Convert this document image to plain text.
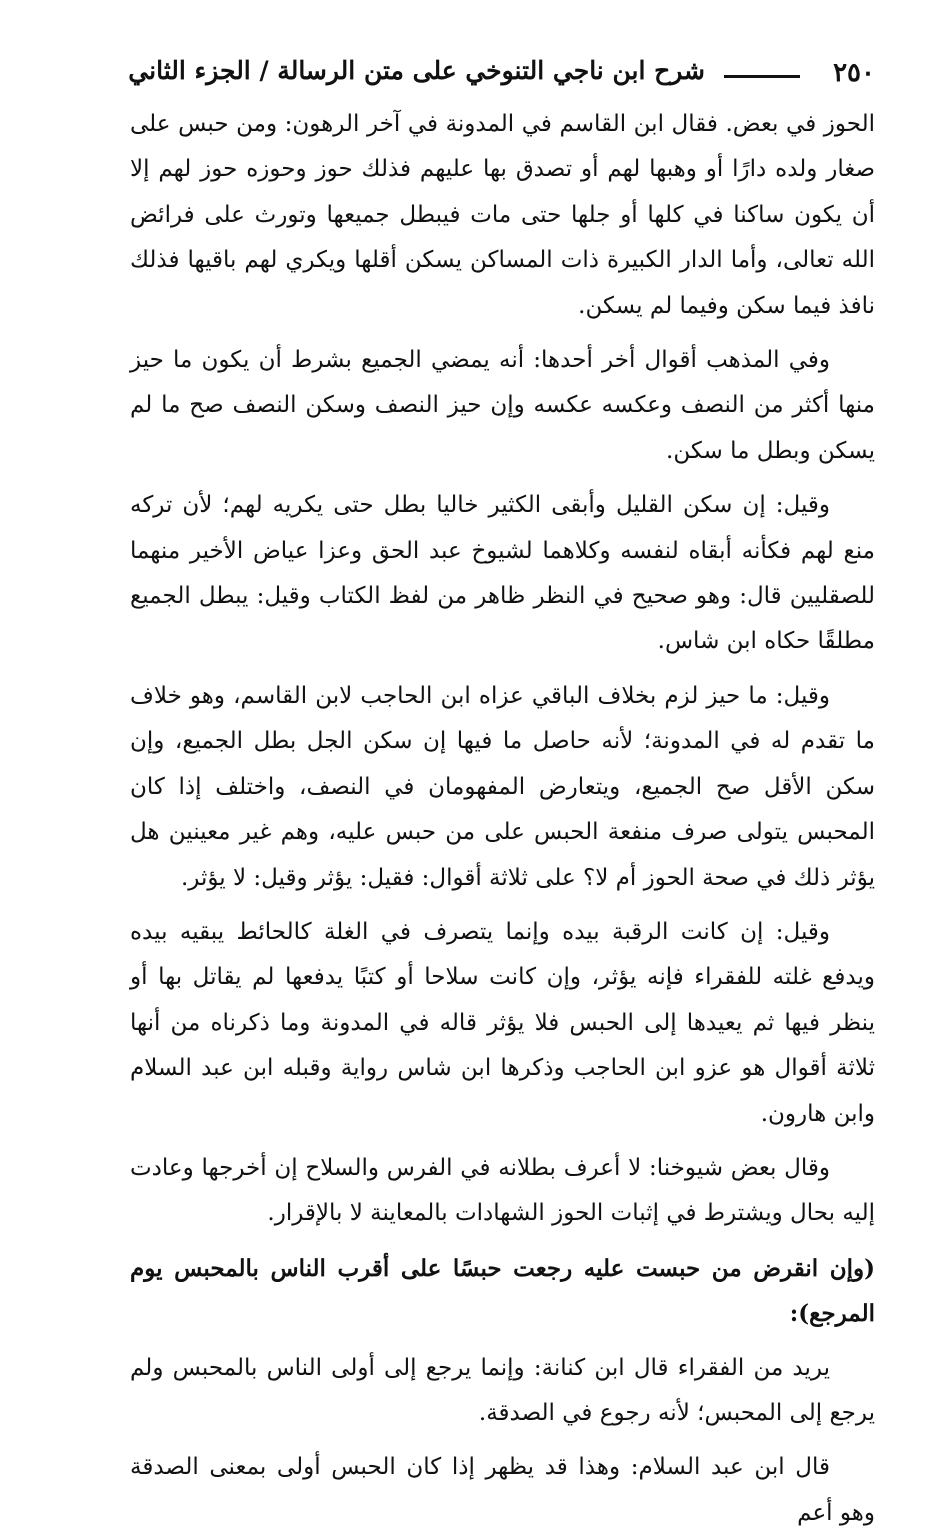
٢٥٠
شرح ابن ناجي التنوخي على متن الرسالة / الجزء الثاني

الحوز في بعض. فقال ابن القاسم في المدونة في آخر الرهون: ومن حبس على صغار ولده دارًا أو وهبها لهم أو تصدق بها عليهم فذلك حوز وحوزه حوز لهم إلا أن يكون ساكنا في كلها أو جلها حتى مات فيبطل جميعها وتورث على فرائض الله تعالى، وأما الدار الكبيرة ذات المساكن يسكن أقلها ويكري لهم باقيها فذلك نافذ فيما سكن وفيما لم يسكن.

وفي المذهب أقوال أخر أحدها: أنه يمضي الجميع بشرط أن يكون ما حيز منها أكثر من النصف وعكسه عكسه وإن حيز النصف وسكن النصف صح ما لم يسكن وبطل ما سكن.

وقيل: إن سكن القليل وأبقى الكثير خاليا بطل حتى يكريه لهم؛ لأن تركه منع لهم فكأنه أبقاه لنفسه وكلاهما لشيوخ عبد الحق وعزا عياض الأخير منهما للصقليين قال: وهو صحيح في النظر ظاهر من لفظ الكتاب وقيل: يبطل الجميع مطلقًا حكاه ابن شاس.

وقيل: ما حيز لزم بخلاف الباقي عزاه ابن الحاجب لابن القاسم، وهو خلاف ما تقدم له في المدونة؛ لأنه حاصل ما فيها إن سكن الجل بطل الجميع، وإن سكن الأقل صح الجميع، ويتعارض المفهومان في النصف، واختلف إذا كان المحبس يتولى صرف منفعة الحبس على من حبس عليه، وهم غير معينين هل يؤثر ذلك في صحة الحوز أم لا؟ على ثلاثة أقوال: فقيل: يؤثر وقيل: لا يؤثر.

وقيل: إن كانت الرقبة بيده وإنما يتصرف في الغلة كالحائط يبقيه بيده ويدفع غلته للفقراء فإنه يؤثر، وإن كانت سلاحا أو كتبًا يدفعها لم يقاتل بها أو ينظر فيها ثم يعيدها إلى الحبس فلا يؤثر قاله في المدونة وما ذكرناه من أنها ثلاثة أقوال هو عزو ابن الحاجب وذكرها ابن شاس رواية وقبله ابن عبد السلام وابن هارون.

وقال بعض شيوخنا: لا أعرف بطلانه في الفرس والسلاح إن أخرجها وعادت إليه بحال ويشترط في إثبات الحوز الشهادات بالمعاينة لا بالإقرار.

(وإن انقرض من حبست عليه رجعت حبسًا على أقرب الناس بالمحبس يوم المرجع):

يريد من الفقراء قال ابن كنانة: وإنما يرجع إلى أولى الناس بالمحبس ولم يرجع إلى المحبس؛ لأنه رجوع في الصدقة.

قال ابن عبد السلام: وهذا قد يظهر إذا كان الحبس أولى بمعنى الصدقة وهو أعم
